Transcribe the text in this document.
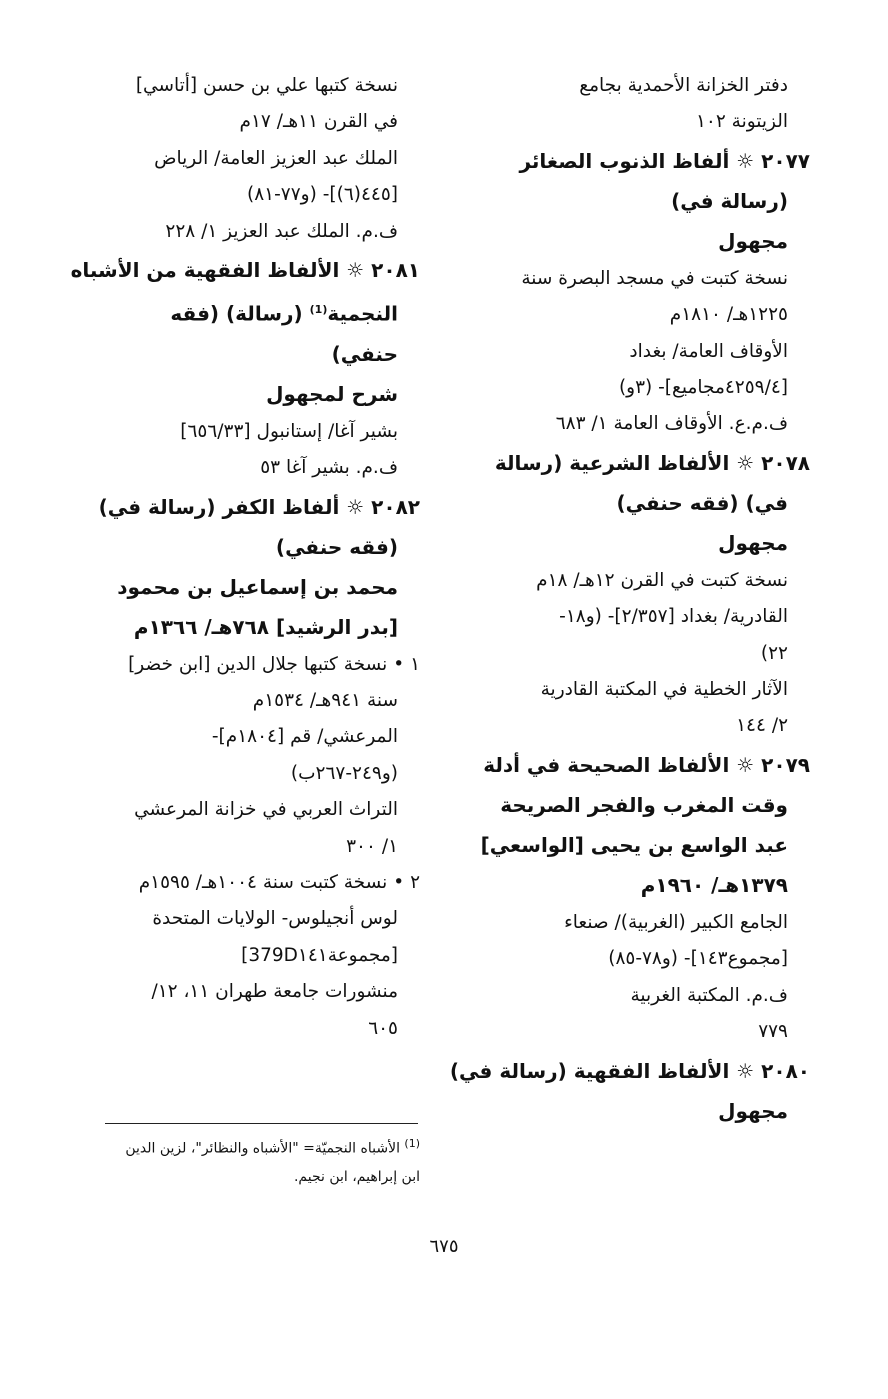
دفتر الخزانة الأحمدية بجامع
الزيتونة ١٠٢
٢٠٧٧ ☼ ألفاظ الذنوب الصغائر
(رسالة في)
مجهول
نسخة كتبت في مسجد البصرة سنة
١٢٢٥هـ/ ١٨١٠م
الأوقاف العامة/ بغداد
[٤٢٥٩/٤مجاميع]- (٣و)
ف.م.ع. الأوقاف العامة ١/ ٦٨٣
٢٠٧٨ ☼ الألفاظ الشرعية (رسالة
في) (فقه حنفي)
مجهول
نسخة كتبت في القرن ١٢هـ/ ١٨م
القادرية/ بغداد [٢/٣٥٧]- (و١٨-
٢٢)
الآثار الخطية في المكتبة القادرية
٢/ ١٤٤
٢٠٧٩ ☼ الألفاظ الصحيحة في أدلة
وقت المغرب والفجر الصريحة
عبد الواسع بن يحيى [الواسعي]
١٣٧٩هـ/ ١٩٦٠م
الجامع الكبير (الغربية)/ صنعاء
[مجموع١٤٣]- (و٧٨-٨٥)
ف.م. المكتبة الغربية
٧٧٩
٢٠٨٠ ☼ الألفاظ الفقهية (رسالة في)
مجهول
نسخة كتبها علي بن حسن [أتاسي]
في القرن ١١هـ/ ١٧م
الملك عبد العزيز العامة/ الرياض
[٤٤٥(٦)]- (و٧٧-٨١)
ف.م. الملك عبد العزيز ١/ ٢٢٨
٢٠٨١ ☼ الألفاظ الفقهية من الأشباه
النجمية$^{(1)}$ (رسالة) (فقه
حنفي)
شرح لمجهول
بشير آغا/ إستانبول [٦٥٦/٣٣]
ف.م. بشير آغا ٥٣
٢٠٨٢ ☼ ألفاظ الكفر (رسالة في)
(فقه حنفي)
محمد بن إسماعيل بن محمود
[بدر الرشيد] ٧٦٨هـ/ ١٣٦٦م
١ •نسخة كتبها جلال الدين [ابن خضر]
سنة ٩٤١هـ/ ١٥٣٤م
المرعشي/ قم [١٨٠٤م]-
(و٢٤٩-٢٦٧ب)
التراث العربي في خزانة المرعشي
١/ ٣٠٠
٢ •نسخة كتبت سنة ١٠٠٤هـ/ ١٥٩٥م
لوس أنجيلوس- الولايات المتحدة
[مجموعة379D١٤١]
منشورات جامعة طهران ١١، ١٢/
٦٠٥
$^{(1)}$ الأشباه النجميّة= "الأشباه والنظائر"، لزين الدين
ابن إبراهيم، ابن نجيم.
٦٧٥
